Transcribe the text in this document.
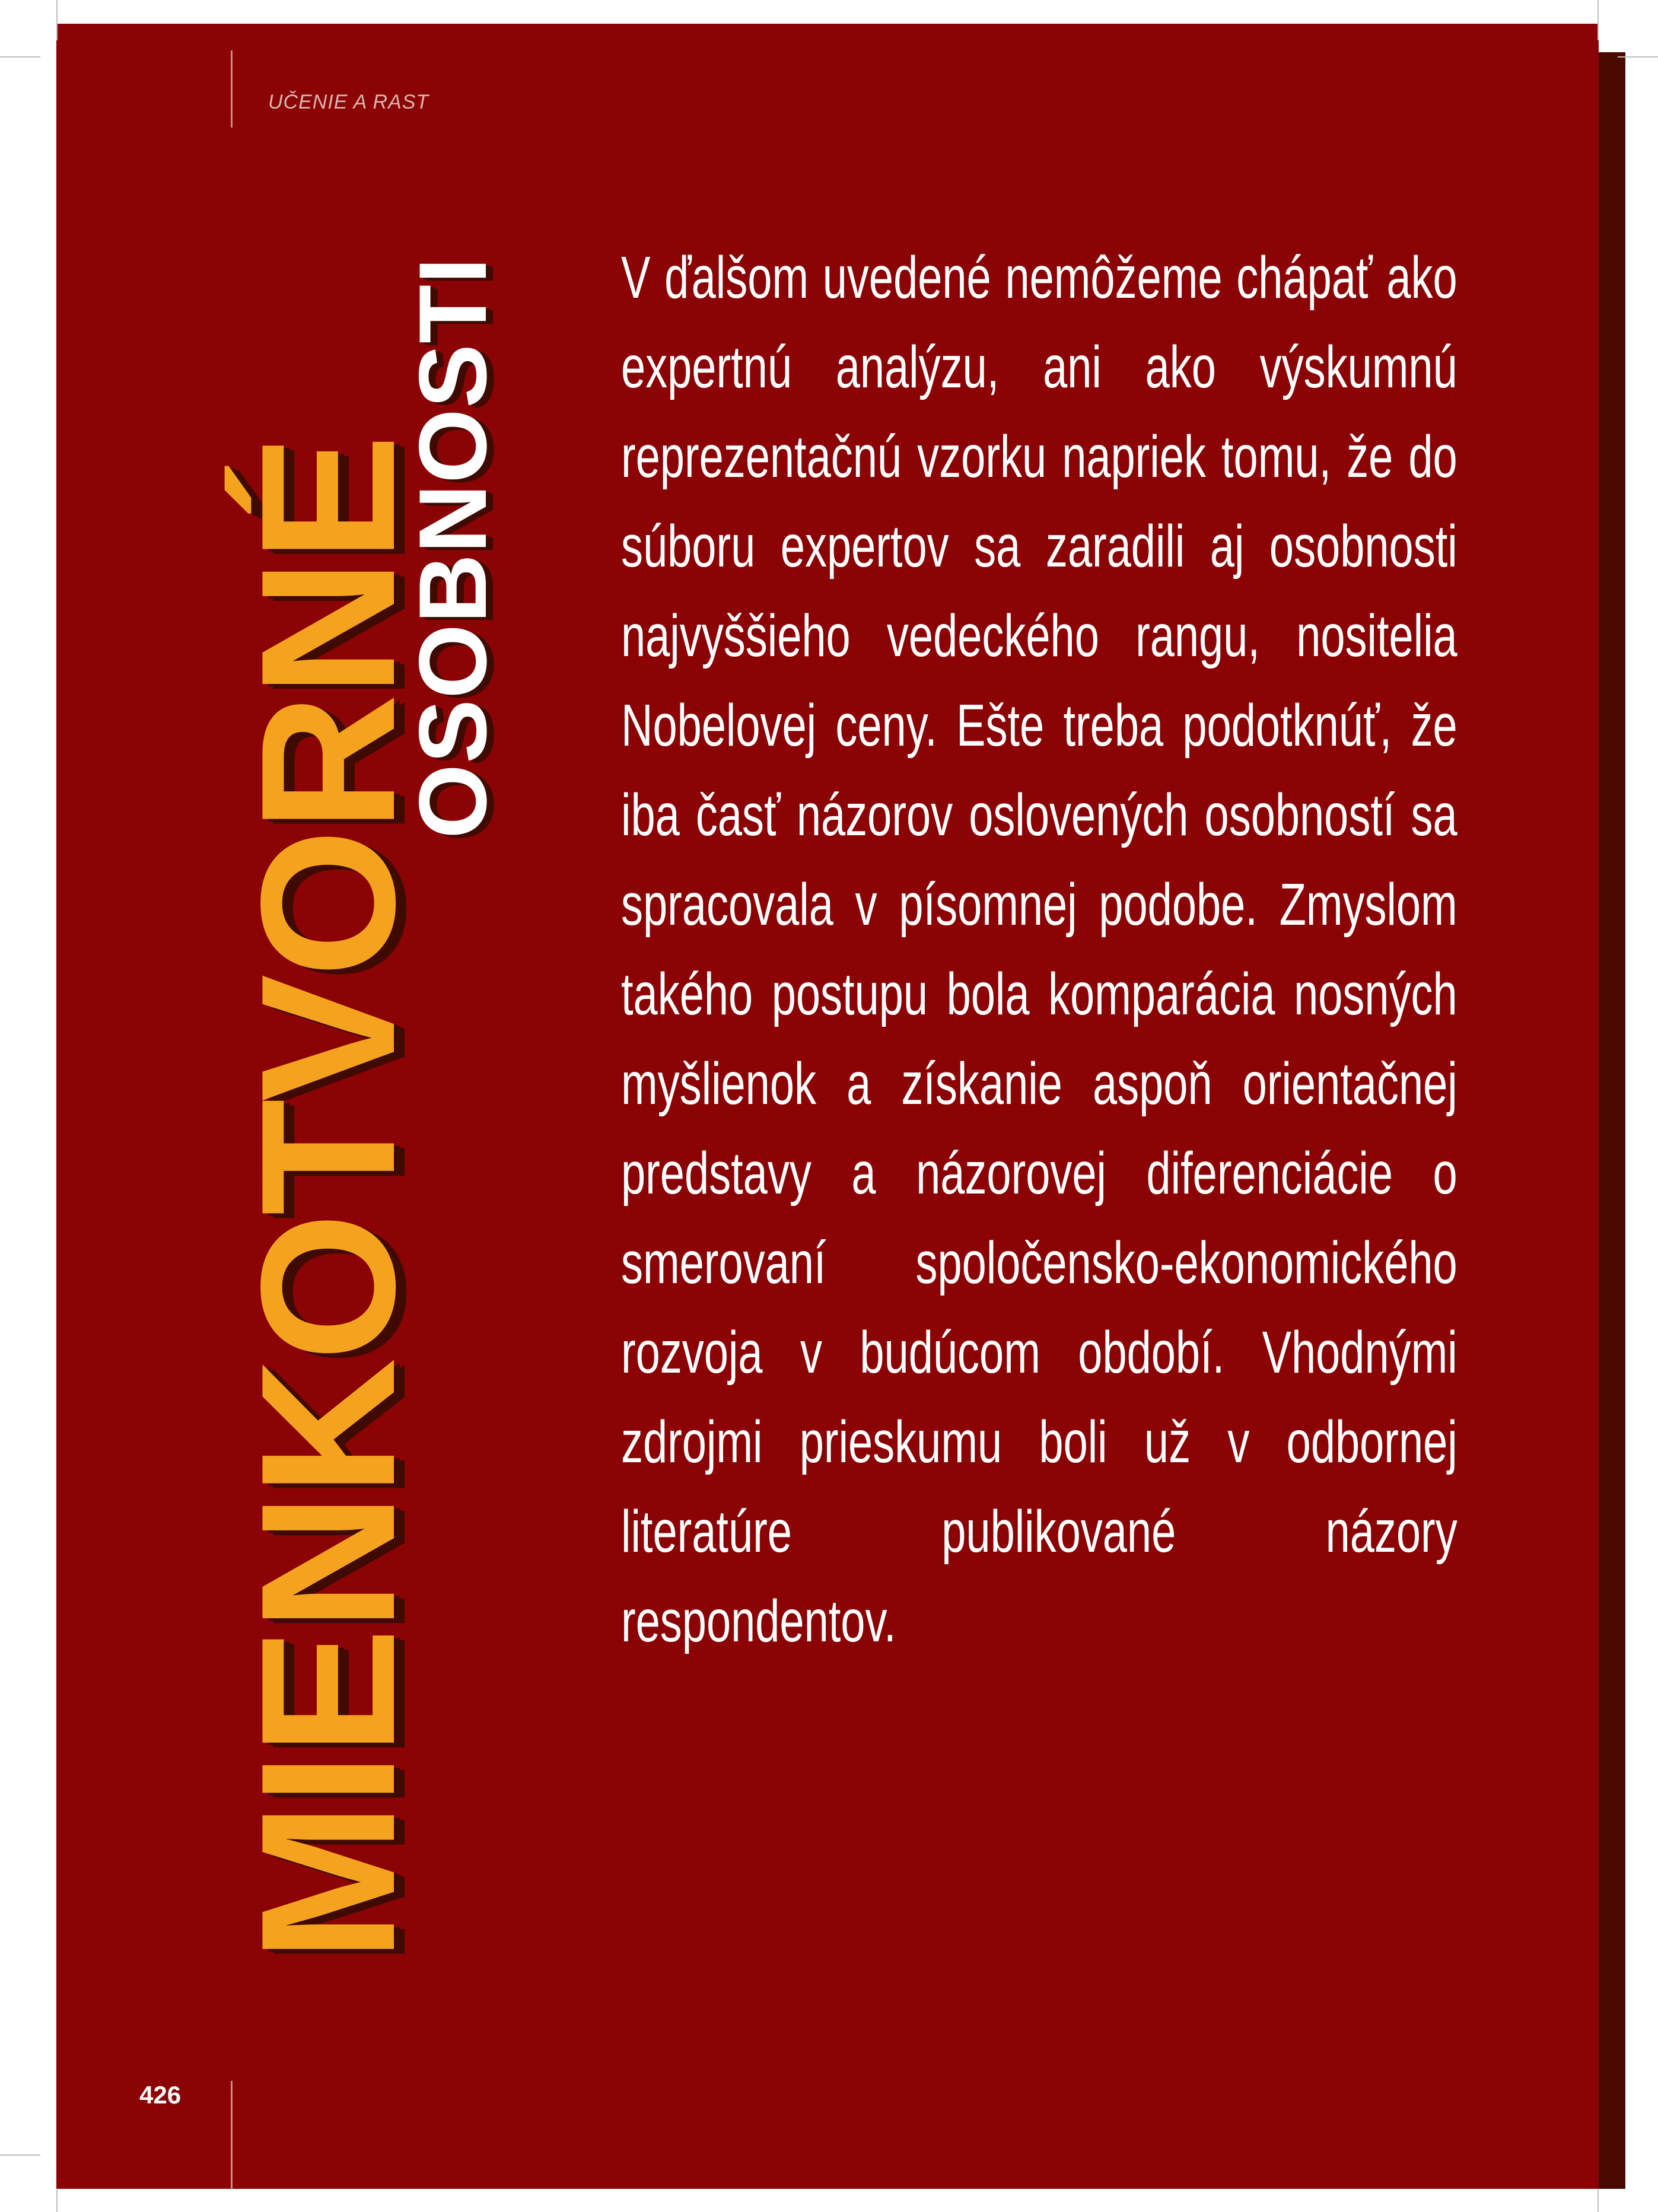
UČENIE A RAST
MIENKOTVORNÉ
OSOBNOSTI V ďalšom uvedené nemôžeme chápať ako expertnú analýzu, ani ako výskumnú reprezentačnú vzorku napriek tomu, že do súboru expertov sa zaradili aj osobnosti najvyššieho vedeckého rangu, nositelia Nobelovej ceny. Ešte treba podotknúť, že iba časť názorov oslovených osobností sa spracovala v písomnej podobe. Zmyslom takého postupu bola komparácia nosných myšlienok a získanie aspoň orientačnej predstavy a názorovej diferenciácie o smerovaní spoločensko-ekonomického rozvoja v budúcom období. Vhodnými zdrojmi prieskumu boli už v odbornej literatúre publikované názory respondentov.
426
